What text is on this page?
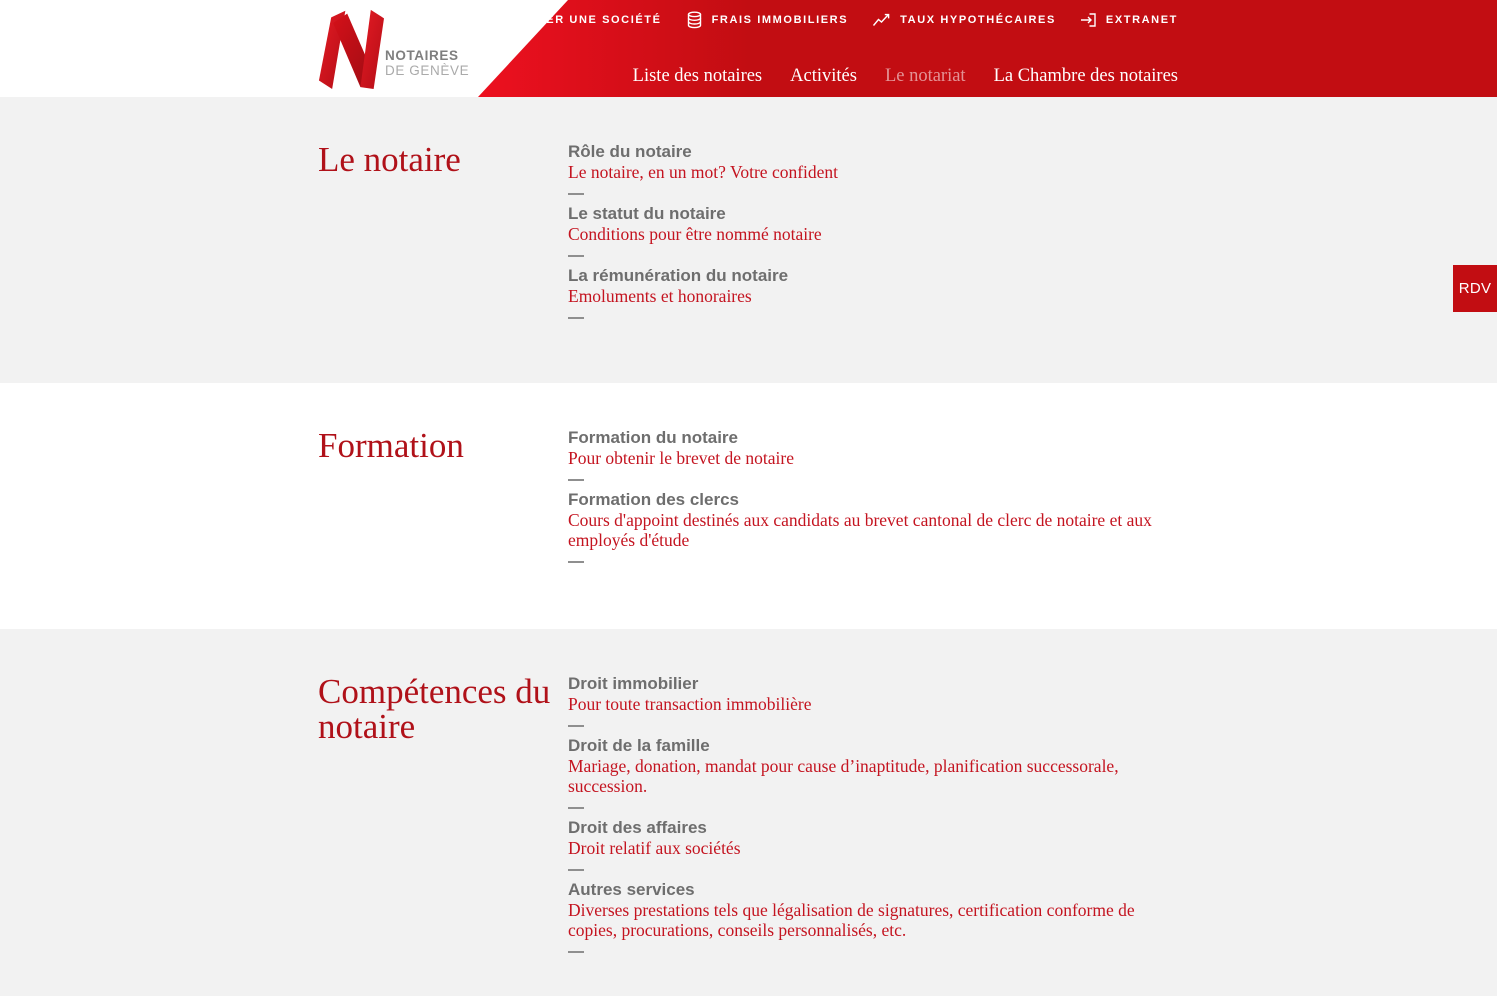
NOTAIRES
DE GENÈVE
CRÉER UNE SOCIÉTÉ	FRAIS IMMOBILIERS	TAUX HYPOTHÉCAIRES	EXTRANET
Liste des notaires Activités Le notariat La Chambre des notaires
Le notaire	Rôle du notaire
Le notaire, en un mot? Votre confident
Le statut du notaire
Conditions pour être nommé notaire
La rémunération du notaire
Emoluments et honoraires
Formation	Formation du notaire
Pour obtenir le brevet de notaire
Formation des clercs
Cours d'appoint destinés aux candidats au brevet cantonal de clerc de notaire et aux employés d'étude
Compétences du notaire
Droit immobilier
Pour toute transaction immobilière
Droit de la famille
Mariage, donation, mandat pour cause d’inaptitude, planification successorale, succession.
Droit des affaires
Droit relatif aux sociétés
Autres services
Diverses prestations tels que légalisation de signatures, certification conforme de copies, procurations, conseils personnalisés, etc.
RDV
